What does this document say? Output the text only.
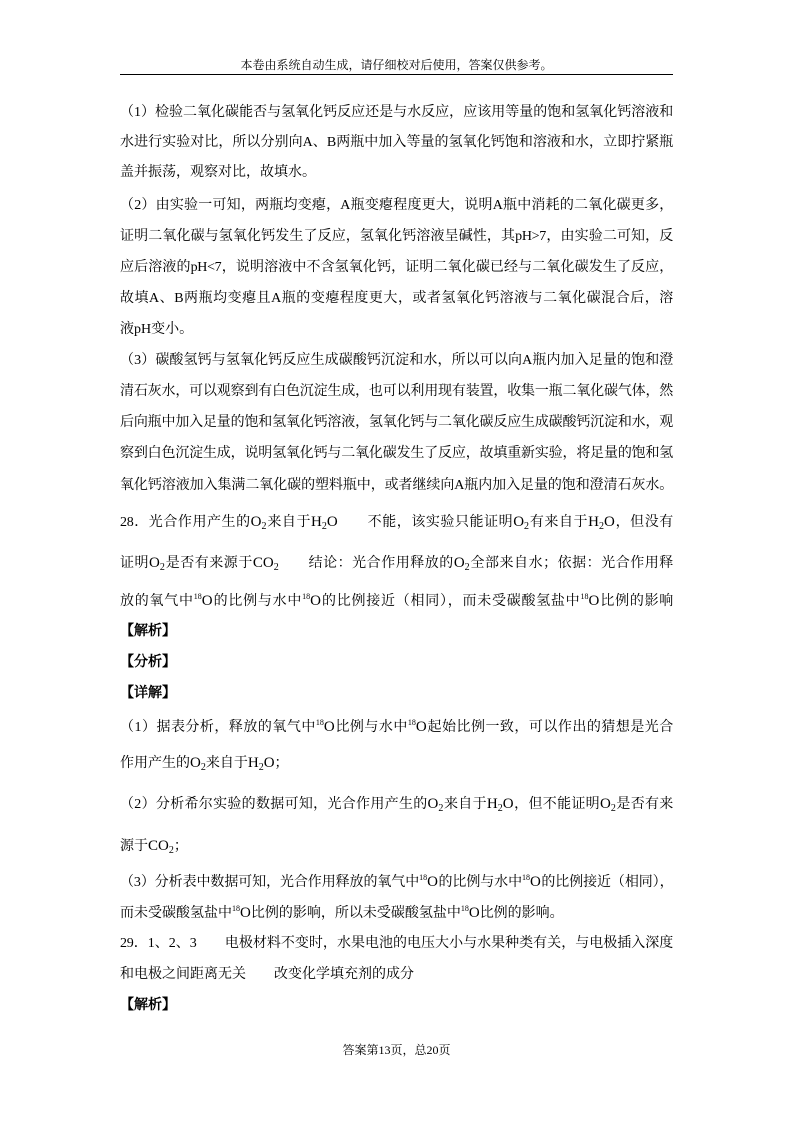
本卷由系统自动生成，请仔细校对后使用，答案仅供参考。
（1）检验二氧化碳能否与氢氧化钙反应还是与水反应，应该用等量的饱和氢氧化钙溶液和
水进行实验对比，所以分别向A、B两瓶中加入等量的氢氧化钙饱和溶液和水，立即拧紧瓶
盖并振荡，观察对比，故填水。
（2）由实验一可知，两瓶均变瘪，A瓶变瘪程度更大，说明A瓶中消耗的二氧化碳更多，
证明二氧化碳与氢氧化钙发生了反应，氢氧化钙溶液呈碱性，其pH>7，由实验二可知，反
应后溶液的pH<7，说明溶液中不含氢氧化钙，证明二氧化碳已经与二氧化碳发生了反应，
故填A、B两瓶均变瘪且A瓶的变瘪程度更大，或者氢氧化钙溶液与二氧化碳混合后，溶
液pH变小。
（3）碳酸氢钙与氢氧化钙反应生成碳酸钙沉淀和水，所以可以向A瓶内加入足量的饱和澄
清石灰水，可以观察到有白色沉淀生成，也可以利用现有装置，收集一瓶二氧化碳气体，然
后向瓶中加入足量的饱和氢氧化钙溶液，氢氧化钙与二氧化碳反应生成碳酸钙沉淀和水，观
察到白色沉淀生成，说明氢氧化钙与二氧化碳发生了反应，故填重新实验，将足量的饱和氢
氧化钙溶液加入集满二氧化碳的塑料瓶中，或者继续向A瓶内加入足量的饱和澄清石灰水。
28．光合作用产生的$O_2$来自于$H_2O$　　不能，该实验只能证明$O_2$有来自于$H_2O$，但没有
证明$O_2$是否有来源于$CO_2$　　结论：光合作用释放的$O_2$全部来自水；依据：光合作用释
放的氧气中$^{18}$O的比例与水中$^{18}$O的比例接近（相同），而未受碳酸氢盐中$^{18}$O比例的影响
【解析】
【分析】
【详解】
（1）据表分析，释放的氧气中$^{18}$O比例与水中$^{18}$O起始比例一致，可以作出的猜想是光合
作用产生的$O_2$来自于$H_2O$；
（2）分析希尔实验的数据可知，光合作用产生的$O_2$来自于$H_2O$，但不能证明$O_2$是否有来
源于$CO_2$；
（3）分析表中数据可知，光合作用释放的氧气中$^{18}$O的比例与水中$^{18}$O的比例接近（相同），
而未受碳酸氢盐中$^{18}$O比例的影响，所以未受碳酸氢盐中$^{18}$O比例的影响。
29．1、2、3　　电极材料不变时，水果电池的电压大小与水果种类有关，与电极插入深度
和电极之间距离无关　　改变化学填充剂的成分
【解析】
答案第13页，总20页
